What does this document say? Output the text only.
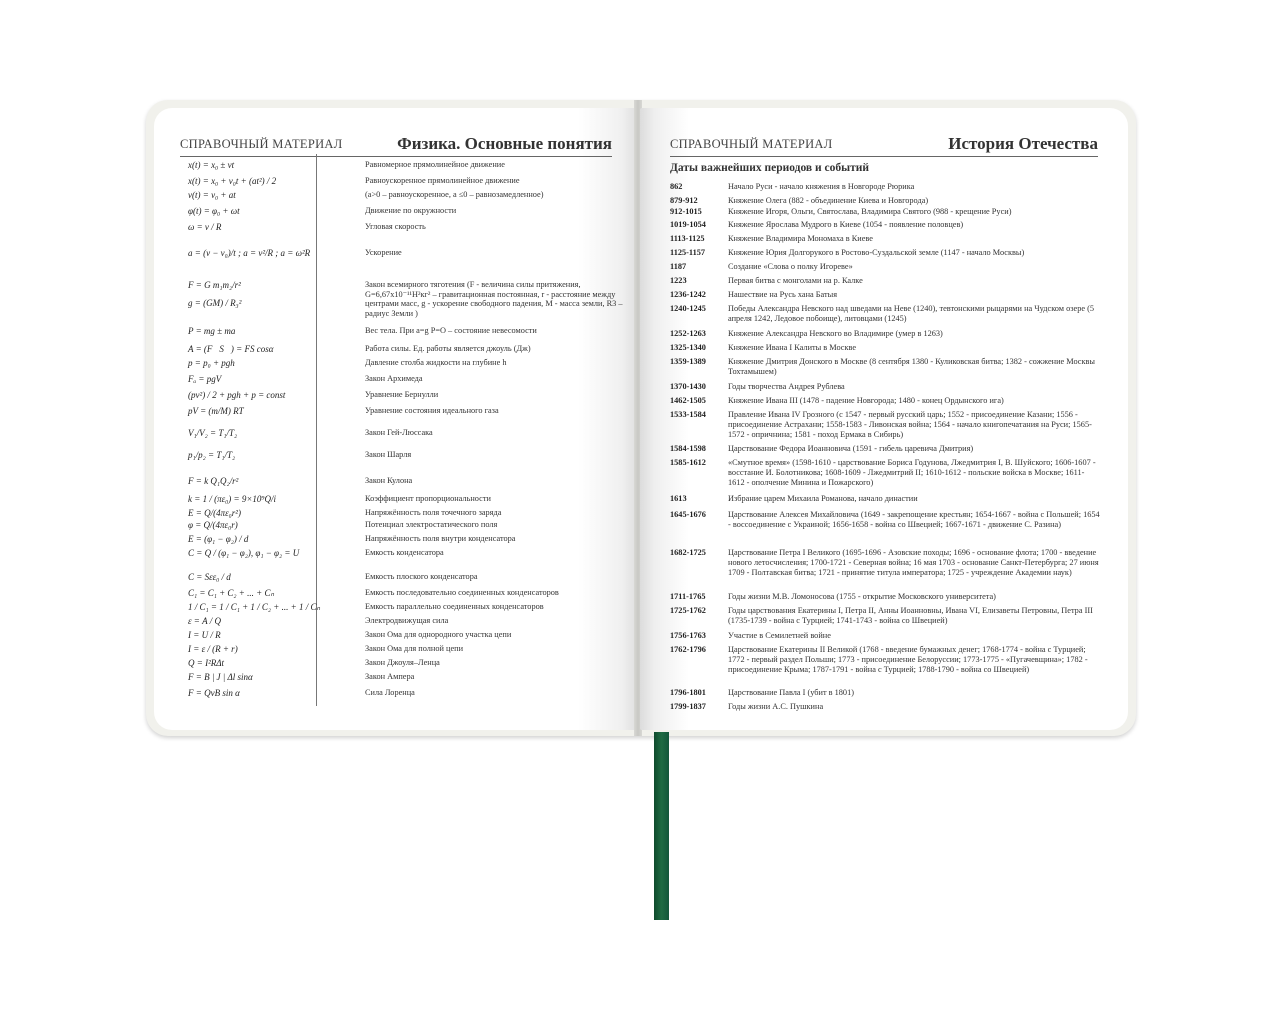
СПРАВОЧНЫЙ МАТЕРИАЛ	Физика. Основные понятия
x(t) = x₀ ± vt	Равномерное прямолинейное движение
x(t) = x₀ + v₀t + (at²) / 2	Равноускоренное прямолинейное движение
v(t) = v₀ + at	(a>0 – равноускоренное, a ≤0 – равнозамедленное)
φ(t) = φ₀ + ωt	Движение по окружности
ω = v / R	Угловая скорость
a = (v − v₀)/t ; a = v²/R ; a = ω²R	Ускорение
F = G m₁m₂/r²	Закон всемирного тяготения (F - величина силы притяжения, G=6,67x10⁻¹¹Н²кг² – гравитационная постоянная, r - расстояние между центрами масс, g - ускорение свободного падения, M - масса земли, R3 – радиус Земли )
g = (GM) / R₃²
P = mg ± ma	Вес тела. При a=g P=O – состояние невесомости
A = (F⃗S⃗) = FS cosα	Работа силы. Ед. работы является джоуль (Дж)
p = p₀ + pgh	Давление столба жидкости на глубине h
Fₐ = pgV	Закон Архимеда
(pv²) / 2 + pgh + p = const	Уравнение Бернулли
pV = (m/M) RT	Уравнение состояния идеального газа
V₁/V₂ = T₁/T₂	Закон Гей-Люссака
p₁/p₂ = T₁/T₂	Закон Шарля
F = k Q₁Q₂/r²	Закон Кулона
k = 1 / (πε₀) = 9×10⁹Q/i	Коэффициент пропорциональности
E = Q/(4πε₀r²)	Напряжённость поля точечного заряда
φ = Q/(4πε₀r)	Потенциал электростатического поля
E = (φ₁ − φ₂) / d	Напряжённость поля внутри конденсатора
C = Q / (φ₁ − φ₂), φ₁ − φ₂ = U	Емкость конденсатора
C = Sεε₀ / d	Емкость плоского конденсатора
C₁ = C₁ + C₂ + ... + Cₙ	Емкость последовательно соединенных конденсаторов
1 / C₁ = 1 / C₁ + 1 / C₂ + ... + 1 / Cₙ	Емкость параллельно соединенных конденсаторов
ε = A / Q	Электродвижущая сила
I = U / R	Закон Ома для однородного участка цепи
I = ε / (R + r)	Закон Ома для полной цепи
Q = I²RΔt	Закон Джоуля–Ленца
F = B | J | Δl sinα	Закон Ампера
F = QvB sin α	Сила Лоренца
СПРАВОЧНЫЙ МАТЕРИАЛ	История Отечества
Даты важнейших периодов и событий
862	Начало Руси - начало княжения в Новгороде Рюрика
879-912	Княжение Олега (882 - объединение Киева и Новгорода)
912-1015	Княжение Игоря, Ольги, Святослава, Владимира Святого (988 - крещение Руси)
1019-1054	Княжение Ярослава Мудрого в Киеве (1054 - появление половцев)
1113-1125	Княжение Владимира Мономаха в Киеве
1125-1157	Княжение Юрия Долгорукого в Ростово-Суздальской земле (1147 - начало Москвы)
1187	Создание «Слова о полку Игореве»
1223	Первая битва с монголами на р. Калке
1236-1242	Нашествие на Русь хана Батыя
1240-1245	Победы Александра Невского над шведами на Неве (1240), тевтонскими рыцарями на Чудском озере (5 апреля 1242, Ледовое побоище), литовцами (1245)
1252-1263	Княжение Александра Невского во Владимире (умер в 1263)
1325-1340	Княжение Ивана I Калиты в Москве
1359-1389	Княжение Дмитрия Донского в Москве (8 сентября 1380 - Куликовская битва; 1382 - сожжение Москвы Тохтамышем)
1370-1430	Годы творчества Андрея Рублева
1462-1505	Княжение Ивана III (1478 - падение Новгорода; 1480 - конец Ордынского ига)
1533-1584	Правление Ивана IV Грозного (с 1547 - первый русский царь; 1552 - присоединение Казани; 1556 - присоединение Астрахани; 1558-1583 - Ливонская война; 1564 - начало книгопечатания на Руси; 1565-1572 - опричнина; 1581 - поход Ермака в Сибирь)
1584-1598	Царствование Федора Иоанновича (1591 - гибель царевича Дмитрия)
1585-1612	«Смутное время» (1598-1610 - царствование Бориса Годунова, Лжедмитрия I, В. Шуйского; 1606-1607 - восстание И. Болотникова; 1608-1609 - Лжедмитрий II; 1610-1612 - польские войска в Москве; 1611-1612 - ополчение Минина и Пожарского)
1613	Избрание царем Михаила Романова, начало династии
1645-1676	Царствование Алексея Михайловича (1649 - закрепощение крестьян; 1654-1667 - война с Польшей; 1654 - воссоединение с Украиной; 1656-1658 - война со Швецией; 1667-1671 - движение С. Разина)
1682-1725	Царствование Петра I Великого (1695-1696 - Азовские походы; 1696 - основание флота; 1700 - введение нового летосчисления; 1700-1721 - Северная война; 16 мая 1703 - основание Санкт-Петербурга; 27 июня 1709 - Полтавская битва; 1721 - принятие титула императора; 1725 - учреждение Академии наук)
1711-1765	Годы жизни М.В. Ломоносова (1755 - открытие Московского университета)
1725-1762	Годы царствования Екатерины I, Петра II, Анны Иоанновны, Ивана VI, Елизаветы Петровны, Петра III (1735-1739 - война с Турцией; 1741-1743 - война со Швецией)
1756-1763	Участие в Семилетней войне
1762-1796	Царствование Екатерины II Великой (1768 - введение бумажных денег; 1768-1774 - война с Турцией; 1772 - первый раздел Польши; 1773 - присоединение Белоруссии; 1773-1775 - «Пугачевщина»; 1782 - присоединение Крыма; 1787-1791 - война с Турцией; 1788-1790 - война со Швецией)
1796-1801	Царствование Павла I (убит в 1801)
1799-1837	Годы жизни А.С. Пушкина
